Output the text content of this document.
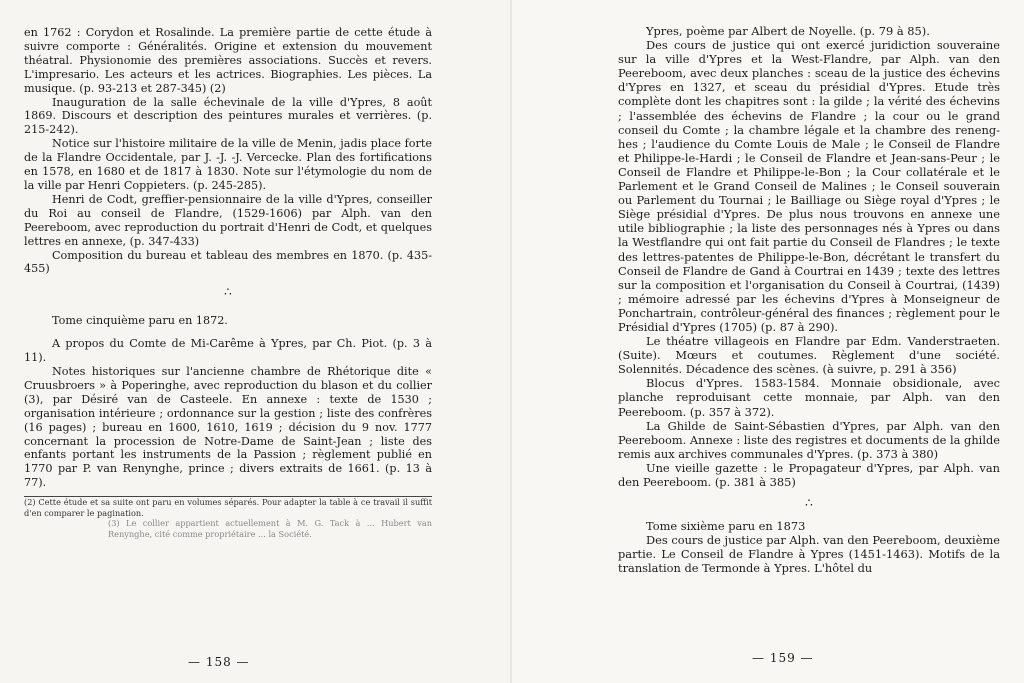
en 1762 : Corydon et Rosalinde. La première partie de cette étude à suivre comporte : Généralités. Origine et extension du mouvement théatral. Physionomie des premières associations. Succès et revers. L'impresario. Les acteurs et les actrices. Biographies. Les pièces. La musique. (p. 93-213 et 287-345) (2)

Inauguration de la salle échevinale de la ville d'Ypres, 8 août 1869. Discours et description des peintures murales et verrières. (p. 215-242).

Notice sur l'histoire militaire de la ville de Menin, jadis place forte de la Flandre Occidentale, par J. -J. -J. Vercecke. Plan des fortifications en 1578, en 1680 et de 1817 à 1830. Note sur l'étymologie du nom de la ville par Henri Coppieters. (p. 245-285).

Henri de Codt, greffier-pensionnaire de la ville d'Ypres, conseiller du Roi au conseil de Flandre, (1529-1606) par Alph. van den Peereboom, avec reproduction du portrait d'Henri de Codt, et quelques lettres en annexe, (p. 347-433)

Composition du bureau et tableau des membres en 1870. (p. 435-455)

∴

Tome cinquième paru en 1872.

A propos du Comte de Mi-Carême à Ypres, par Ch. Piot. (p. 3 à 11).

Notes historiques sur l'ancienne chambre de Rhétorique dite « Cruusbroers » à Poperinghe, avec reproduction du blason et du collier (3), par Désiré van de Casteele. En annexe : texte de 1530 ; organisation intérieure ; ordonnance sur la gestion ; liste des confrères (16 pages) ; bureau en 1600, 1610, 1619 ; décision du 9 nov. 1777 concernant la procession de Notre-Dame de Saint-Jean ; liste des enfants portant les instruments de la Passion ; règlement publié en 1770 par P. van Renynghe, prince ; divers extraits de 1661. (p. 13 à 77).

(2) Cette étude et sa suite ont paru en volumes séparés. Pour adapter la table à ce travail il suffit d'en comparer le pagination.

(3) Le collier appartient actuellement à M. G. Tack à ... Hubert van Renynghe, cité comme propriétaire ... la Société.

— 158 —

Ypres, poème par Albert de Noyelle. (p. 79 à 85).

Des cours de justice qui ont exercé juridiction souveraine sur la ville d'Ypres et la West-Flandre, par Alph. van den Peereboom, avec deux planches : sceau de la justice des échevins d'Ypres en 1327, et sceau du présidial d'Ypres. Etude très complète dont les chapitres sont : la gilde ; la vérité des échevins ; l'assemblée des échevins de Flandre ; la cour ou le grand conseil du Comte ; la chambre légale et la chambre des renenghes ; l'audience du Comte Louis de Male ; le Conseil de Flandre et Philippe-le-Hardi ; le Conseil de Flandre et Jean-sans-Peur ; le Conseil de Flandre et Philippe-le-Bon ; la Cour collatérale et le Parlement et le Grand Conseil de Malines ; le Conseil souverain ou Parlement du Tournai ; le Bailliage ou Siège royal d'Ypres ; le Siège présidial d'Ypres. De plus nous trouvons en annexe une utile bibliographie ; la liste des personnages nés à Ypres ou dans la Westflandre qui ont fait partie du Conseil de Flandres ; le texte des lettres-patentes de Philippe-le-Bon, décrétant le transfert du Conseil de Flandre de Gand à Courtrai en 1439 ; texte des lettres sur la composition et l'organisation du Conseil à Courtrai, (1439) ; mémoire adressé par les échevins d'Ypres à Monseigneur de Ponchartrain, contrôleur-général des finances ; règlement pour le Présidial d'Ypres (1705) (p. 87 à 290).

Le théatre villageois en Flandre par Edm. Vanderstraeten. (Suite). Mœurs et coutumes. Règlement d'une société. Solennités. Décadence des scènes. (à suivre, p. 291 à 356)

Blocus d'Ypres. 1583-1584. Monnaie obsidionale, avec planche reproduisant cette monnaie, par Alph. van den Peereboom. (p. 357 à 372).

La Ghilde de Saint-Sébastien d'Ypres, par Alph. van den Peereboom. Annexe : liste des registres et documents de la ghilde remis aux archives communales d'Ypres. (p. 373 à 380)

Une vieille gazette : le Propagateur d'Ypres, par Alph. van den Peereboom. (p. 381 à 385)

∴

Tome sixième paru en 1873

Des cours de justice par Alph. van den Peereboom, deuxième partie. Le Conseil de Flandre à Ypres (1451-1463). Motifs de la translation de Termonde à Ypres. L'hôtel du

— 159 —
